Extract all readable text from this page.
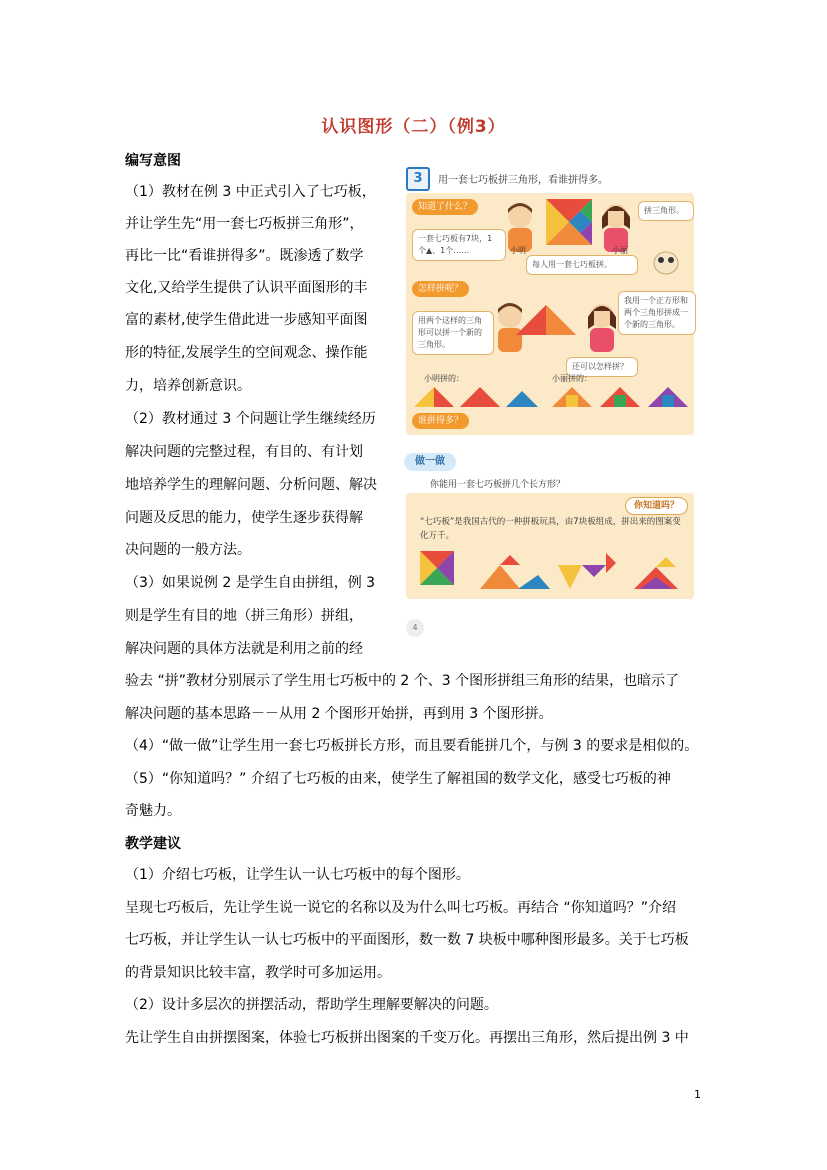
认识图形（二）（例3）
编写意图
（1）教材在例 3 中正式引入了七巧板，
并让学生先“用一套七巧板拼三角形”，
再比一比“看谁拼得多”。既渗透了数学
文化,又给学生提供了认识平面图形的丰
富的素材,使学生借此进一步感知平面图
形的特征,发展学生的空间观念、操作能
力，培养创新意识。
（2）教材通过 3 个问题让学生继续经历
解决问题的完整过程，有目的、有计划
地培养学生的理解问题、分析问题、解决
问题及反思的能力，使学生逐步获得解
决问题的一般方法。
（3）如果说例 2 是学生自由拼组，例 3
则是学生有目的地（拼三角形）拼组，
解决问题的具体方法就是利用之前的经
验去 “拼”教材分别展示了学生用七巧板中的 2 个、3 个图形拼组三角形的结果，也暗示了
解决问题的基本思路－－从用 2 个图形开始拼，再到用 3 个图形拼。
（4）“做一做”让学生用一套七巧板拼长方形，而且要看能拼几个，与例 3 的要求是相似的。
（5）“你知道吗？” 介绍了七巧板的由来，使学生了解祖国的数学文化，感受七巧板的神
奇魅力。
教学建议
（1）介绍七巧板，让学生认一认七巧板中的每个图形。
呈现七巧板后，先让学生说一说它的名称以及为什么叫七巧板。再结合 “你知道吗？”介绍
七巧板，并让学生认一认七巧板中的平面图形，数一数 7 块板中哪种图形最多。关于七巧板
的背景知识比较丰富，教学时可多加运用。
（2）设计多层次的拼摆活动，帮助学生理解要解决的问题。
先让学生自由拼摆图案，体验七巧板拼出图案的千变万化。再摆出三角形，然后提出例 3 中
1
3	用一套七巧板拼三角形，看谁拼得多。
知道了什么？
一套七巧板有7块，1个▲、1个……	小明	小丽
拼三角形。
每人用一套七巧板拼。
怎样拼呢？
用两个这样的三角形可以拼一个新的三角形。
我用一个正方形和两个三角形拼成一个新的三角形。
还可以怎样拼？
小明拼的：	小丽拼的：
谁拼得多？
做一做
你能用一套七巧板拼几个长方形？
你知道吗？
“七巧板”是我国古代的一种拼板玩具，由7块板组成，拼出来的图案变化万千。
4
